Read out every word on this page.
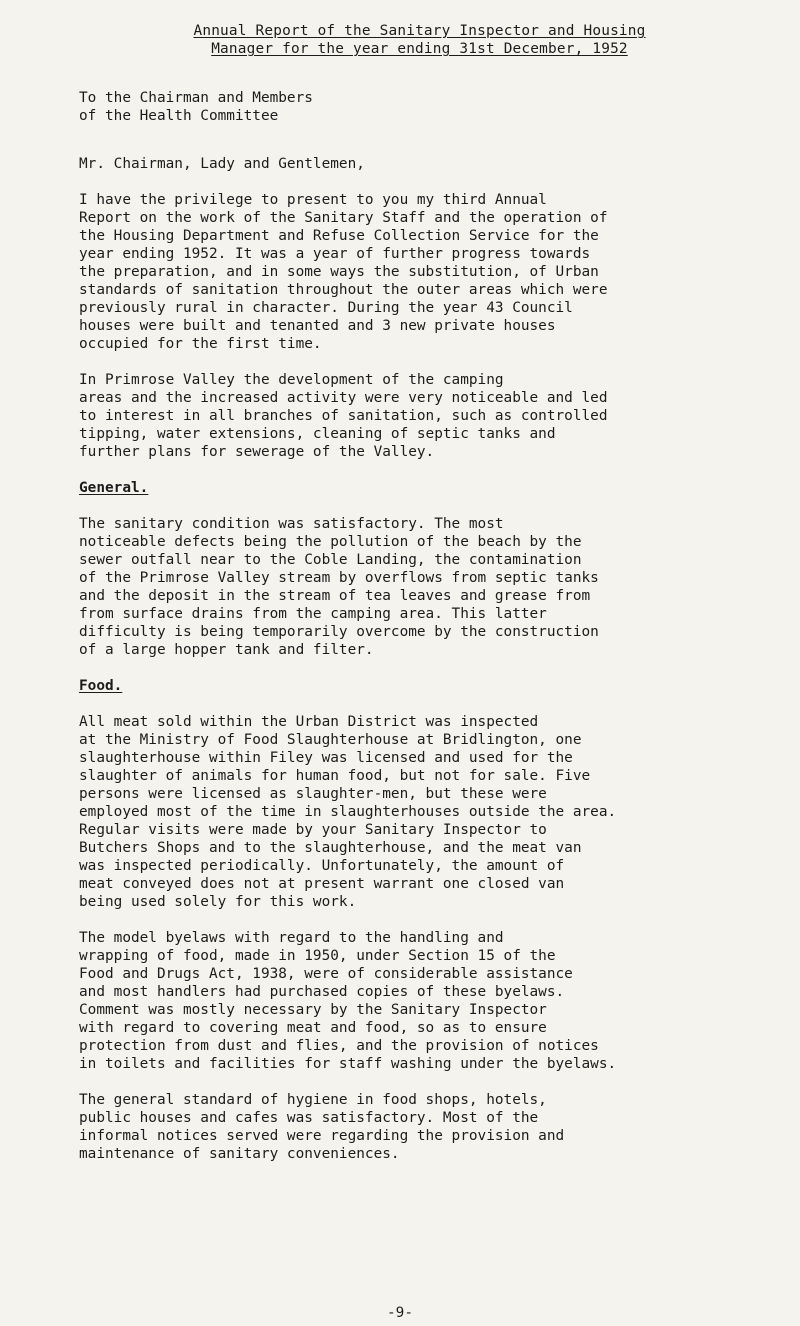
Annual Report of the Sanitary Inspector and Housing
Manager for the year ending 31st December, 1952

To the Chairman and Members
of the Health Committee

Mr. Chairman, Lady and Gentlemen,

I have the privilege to present to you my third Annual
Report on the work of the Sanitary Staff and the operation of
the Housing Department and Refuse Collection Service for the
year ending 1952. It was a year of further progress towards
the preparation, and in some ways the substitution, of Urban
standards of sanitation throughout the outer areas which were
previously rural in character. During the year 43 Council
houses were built and tenanted and 3 new private houses
occupied for the first time.

In Primrose Valley the development of the camping
areas and the increased activity were very noticeable and led
to interest in all branches of sanitation, such as controlled
tipping, water extensions, cleaning of septic tanks and
further plans for sewerage of the Valley.

General.

The sanitary condition was satisfactory. The most
noticeable defects being the pollution of the beach by the
sewer outfall near to the Coble Landing, the contamination
of the Primrose Valley stream by overflows from septic tanks
and the deposit in the stream of tea leaves and grease from
from surface drains from the camping area. This latter
difficulty is being temporarily overcome by the construction
of a large hopper tank and filter.

Food.

All meat sold within the Urban District was inspected
at the Ministry of Food Slaughterhouse at Bridlington, one
slaughterhouse within Filey was licensed and used for the
slaughter of animals for human food, but not for sale. Five
persons were licensed as slaughter-men, but these were
employed most of the time in slaughterhouses outside the area.
Regular visits were made by your Sanitary Inspector to
Butchers Shops and to the slaughterhouse, and the meat van
was inspected periodically. Unfortunately, the amount of
meat conveyed does not at present warrant one closed van
being used solely for this work.

The model byelaws with regard to the handling and
wrapping of food, made in 1950, under Section 15 of the
Food and Drugs Act, 1938, were of considerable assistance
and most handlers had purchased copies of these byelaws.
Comment was mostly necessary by the Sanitary Inspector
with regard to covering meat and food, so as to ensure
protection from dust and flies, and the provision of notices
in toilets and facilities for staff washing under the byelaws.

The general standard of hygiene in food shops, hotels,
public houses and cafes was satisfactory. Most of the
informal notices served were regarding the provision and
maintenance of sanitary conveniences.

-9-
